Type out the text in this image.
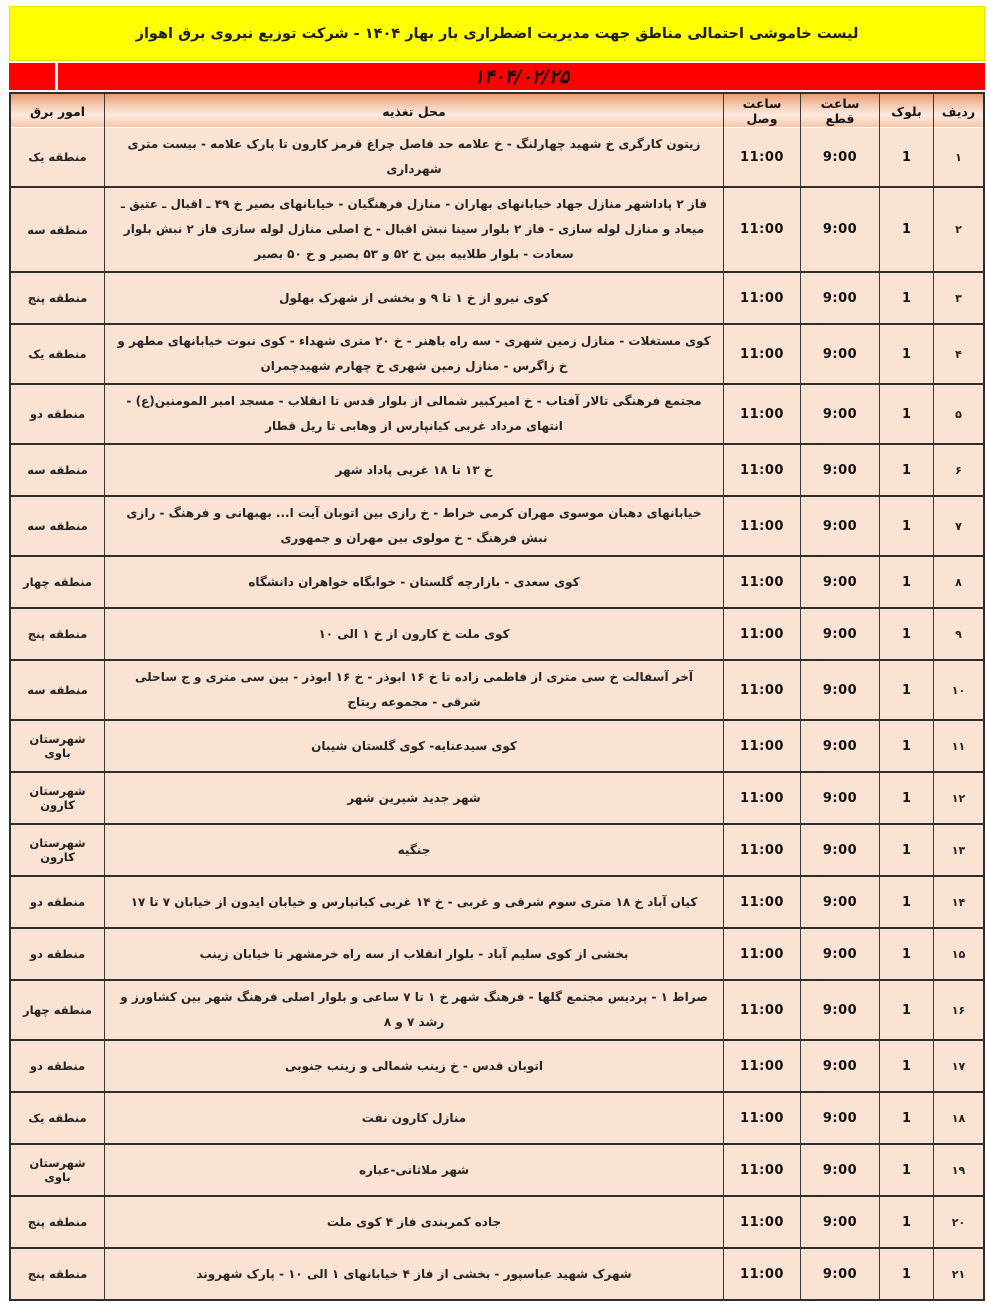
لیست خاموشی احتمالی مناطق جهت مدیریت اضطراری بار بهار ۱۴۰۴ - شرکت توزیع نیروی برق اهواز
۱۴۰۴/۰۲/۲۵
ردیف
بلوک
ساعت قطع
ساعت وصل
محل تغذیه
امور برق
۱
1
9:00
11:00
زیتون کارگری خ شهید چهارلنگ - خ علامه حد فاصل چراغ قرمز کارون تا پارک علامه - بیست متری شهرداری
منطقه یک
۲
1
9:00
11:00
فاز ۲ پاداشهر منازل جهاد خیابانهای بهاران - منازل فرهنگیان - خیابانهای بصیر خ ۴۹ ـ اقبال ـ عتیق ـ میعاد و منازل لوله سازی - فاز ۲ بلوار سینا نبش اقبال - خ اصلی منازل لوله سازی فاز ۲ نبش بلوار سعادت - بلوار طلاییه بین خ ۵۲ و ۵۳ بصیر و خ ۵۰ بصیر
منطقه سه
۳
1
9:00
11:00
کوی نیرو از خ ۱ تا ۹ و بخشی از شهرک بهلول
منطقه پنج
۴
1
9:00
11:00
کوی مستغلات - منازل زمین شهری - سه راه باهنر - خ ۲۰ متری شهداء - کوی نبوت خیابانهای مطهر و خ زاگرس - منازل زمین شهری خ چهارم شهیدچمران
منطقه یک
۵
1
9:00
11:00
مجتمع فرهنگی تالار آفتاب - خ امیرکبیر شمالی از بلوار قدس تا انقلاب - مسجد امیر المومنین(ع) - انتهای مرداد غربی کیانپارس از وهابی تا ریل قطار
منطقه دو
۶
1
9:00
11:00
خ ۱۳ تا ۱۸ غربی پاداد شهر
منطقه سه
۷
1
9:00
11:00
خیابانهای دهبان موسوی مهران کرمی خراط - خ رازی بین اتوبان آیت ا... بهبهانی و فرهنگ - رازی نبش فرهنگ - خ مولوی بین مهران و جمهوری
منطقه سه
۸
1
9:00
11:00
کوی سعدی - بازارچه گلستان - خوابگاه خواهران دانشگاه
منطقه چهار
۹
1
9:00
11:00
کوی ملت خ کارون از خ ۱ الی ۱۰
منطقه پنج
۱۰
1
9:00
11:00
آخر آسفالت خ سی متری از فاطمی زاده تا خ ۱۶ ابوذر - خ ۱۶ ابوذر - بین سی متری و ج ساحلی شرقی - مجموعه ریتاج
منطقه سه
۱۱
1
9:00
11:00
کوی سیدعنایه- کوی گلستان شیبان
شهرستان باوی
۱۲
1
9:00
11:00
شهر جدید شیرین شهر
شهرستان کارون
۱۳
1
9:00
11:00
جنگیه
شهرستان کارون
۱۴
1
9:00
11:00
کیان آباد خ ۱۸ متری سوم شرقی و غربی - خ ۱۴ غربی کیانپارس و خیابان ایدون از خیابان ۷ تا ۱۷
منطقه دو
۱۵
1
9:00
11:00
بخشی از کوی سلیم آباد - بلوار انقلاب از سه راه خرمشهر تا خیابان زینب
منطقه دو
۱۶
1
9:00
11:00
صراط ۱ - پردیس مجتمع گلها - فرهنگ شهر خ ۱ تا ۷ ساعی و بلوار اصلی فرهنگ شهر بین کشاورز و رشد ۷ و ۸
منطقه چهار
۱۷
1
9:00
11:00
اتوبان قدس - خ زینب شمالی و زینب جنوبی
منطقه دو
۱۸
1
9:00
11:00
منازل کارون نفت
منطقه یک
۱۹
1
9:00
11:00
شهر ملاثانی-عباره
شهرستان باوی
۲۰
1
9:00
11:00
جاده کمربندی فاز ۴ کوی ملت
منطقه پنج
۲۱
1
9:00
11:00
شهرک شهید عباسپور - بخشی از فاز ۴ خیابانهای ۱ الی ۱۰ - پارک شهروند
منطقه پنج
